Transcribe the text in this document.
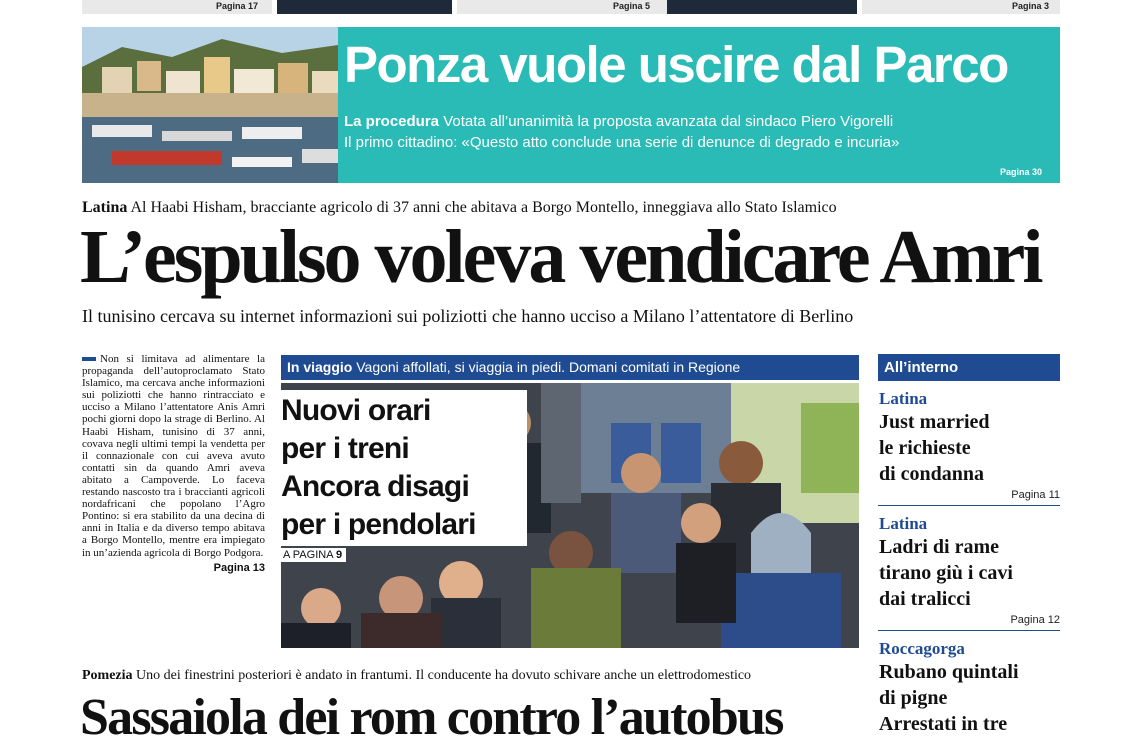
Pagina 17	Pagina 5	Pagina 3
Ponza vuole uscire dal Parco
La procedura Votata all’unanimità la proposta avanzata dal sindaco Piero Vigorelli
Il primo cittadino: «Questo atto conclude una serie di denunce di degrado e incuria»
Pagina 30
Latina Al Haabi Hisham, bracciante agricolo di 37 anni che abitava a Borgo Montello, inneggiava allo Stato Islamico
L’espulso voleva vendicare Amri
Il tunisino cercava su internet informazioni sui poliziotti che hanno ucciso a Milano l’attentatore di Berlino
Non si limitava ad alimentare la propaganda dell’autoproclamato Stato Islamico, ma cercava anche informazioni sui poliziotti che hanno rintracciato e ucciso a Milano l’attentatore Anis Amri pochi giorni dopo la strage di Berlino. Al Haabi Hisham, tunisino di 37 anni, covava negli ultimi tempi la vendetta per il connazionale con cui aveva avuto contatti sin da quando Amri aveva abitato a Campoverde. Lo faceva restando nascosto tra i braccianti agricoli nordafricani che popolano l’Agro Pontino: si era stabilito da una decina di anni in Italia e da diverso tempo abitava a Borgo Montello, mentre era impiegato in un’azienda agricola di Borgo Podgora.
Pagina 13
In viaggio Vagoni affollati, si viaggia in piedi. Domani comitati in Regione
Nuovi orari
per i treni
Ancora disagi
per i pendolari
A PAGINA 9
Pomezia Uno dei finestrini posteriori è andato in frantumi. Il conducente ha dovuto schivare anche un elettrodomestico
Sassaiola dei rom contro l’autobus
All’interno
Latina
Just married
le richieste
di condanna
Pagina 11
Latina
Ladri di rame
tirano giù i cavi
dai tralicci
Pagina 12
Roccagorga
Rubano quintali
di pigne
Arrestati in tre
